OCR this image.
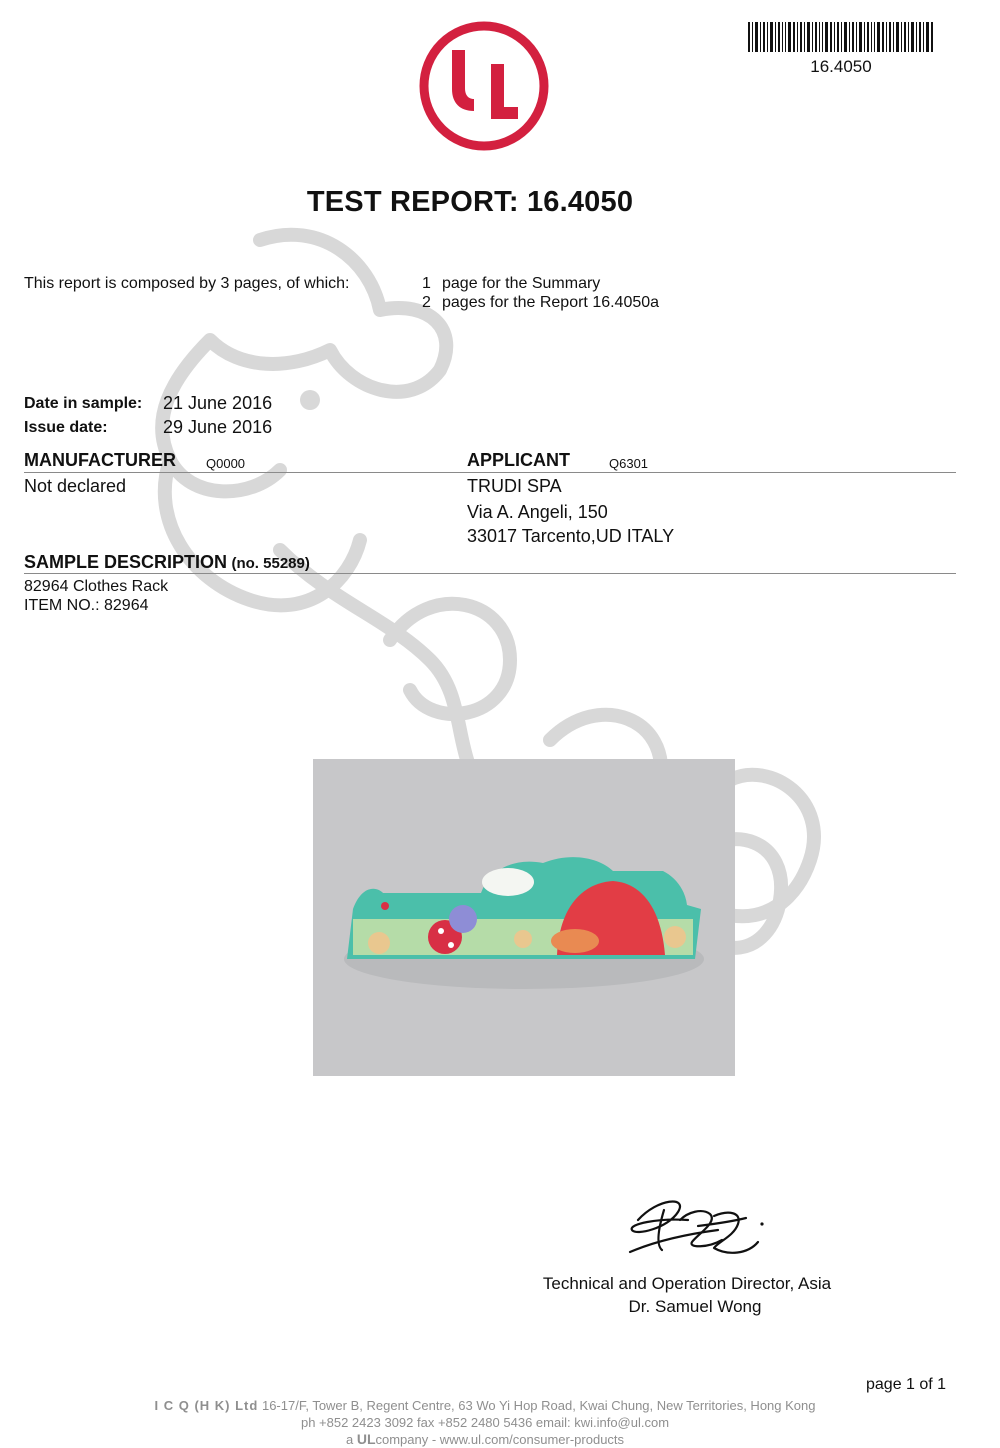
16.4050
TEST REPORT: 16.4050
This report is composed by 3 pages, of which:	1 page for the Summary
2 pages for the Report 16.4050a
Date in sample: 21 June 2016
Issue date:	29 June 2016
MANUFACTURER Q0000	APPLICANT	Q6301
Not declared	TRUDI SPA
Via A. Angeli, 150
33017 Tarcento,UD ITALY
SAMPLE DESCRIPTION (no. 55289)
82964 Clothes Rack
ITEM NO.: 82964
Technical and Operation Director, Asia
Dr. Samuel Wong
page 1 of 1
I C Q (H K) Ltd 16-17/F, Tower B, Regent Centre, 63 Wo Yi Hop Road, Kwai Chung, New Territories, Hong Kong
ph +852 2423 3092 fax +852 2480 5436 email: kwi.info@ul.com
a ULcompany - www.ul.com/consumer-products
